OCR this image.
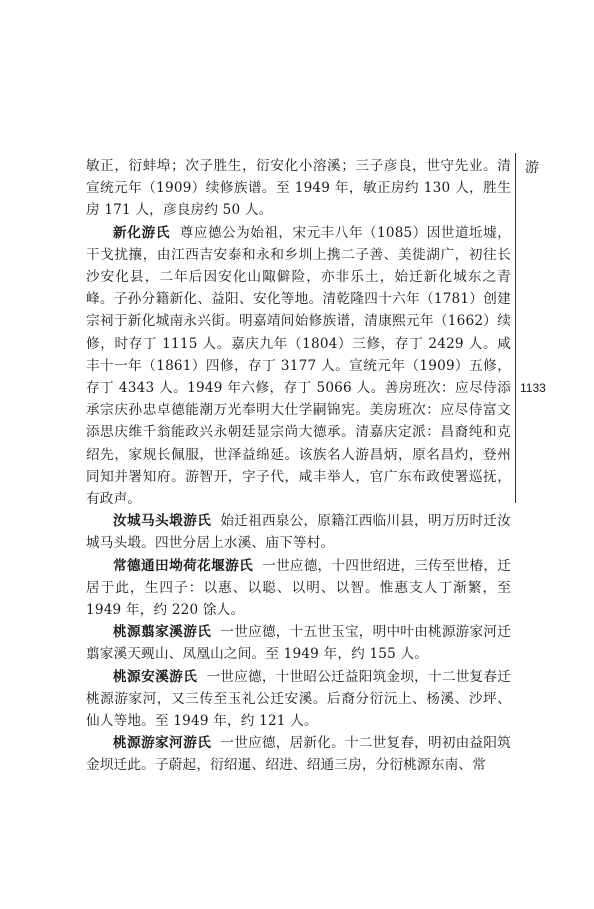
游
1133

敏正，衍蚌埠；次子胜生，衍安化小溶溪；三子彦良，世守先业。清宣统元年（1909）续修族谱。至 1949 年，敏正房约 130 人，胜生房 171 人，彦良房约 50 人。

新化游氏 尊应德公为始祖，宋元丰八年（1085）因世道坵墟，干戈扰攘，由江西吉安泰和永和乡圳上携二子善、美徙湖广，初往长沙安化县，二年后因安化山陬僻险，亦非乐土，始迁新化城东之青峰。子孙分籍新化、益阳、安化等地。清乾隆四十六年（1781）创建宗祠于新化城南永兴街。明嘉靖间始修族谱，清康熙元年（1662）续修，时存丁 1115 人。嘉庆九年（1804）三修，存丁 2429 人。咸丰十一年（1861）四修，存丁 3177 人。宣统元年（1909）五修，存丁 4343 人。1949 年六修，存丁 5066 人。善房班次：应尽侍添承宗庆孙忠卓德能潮万光奉明大仕学嗣锦宪。美房班次：应尽侍富文添思庆维千翁能政兴永朝廷显宗尚大德承。清嘉庆定派：昌裔纯和克绍先，家规长佩服，世泽益绵延。该族名人游昌炳，原名昌灼，登州同知并署知府。游智开，字子代，咸丰举人，官广东布政使署巡抚，有政声。

汝城马头塅游氏 始迁祖西泉公，原籍江西临川县，明万历时迁汝城马头塅。四世分居上水溪、庙下等村。

常德通田坳荷花堰游氏 一世应德，十四世绍进，三传至世椿，迁居于此，生四子：以惠、以聪、以明、以智。惟惠支人丁渐繁，至 1949 年，约 220 馀人。

桃源翦家溪游氏 一世应德，十五世玉宝，明中叶由桃源游家河迁翦家溪天觋山、凤凰山之间。至 1949 年，约 155 人。

桃源安溪游氏 一世应德，十世昭公迁益阳筑金坝，十二世复春迁桃源游家河，又三传至玉礼公迁安溪。后裔分衍沅上、杨溪、沙坪、仙人等地。至 1949 年，约 121 人。

桃源游家河游氏 一世应德，居新化。十二世复春，明初由益阳筑金坝迁此。子蔚起，衍绍暹、绍进、绍通三房，分衍桃源东南、常
